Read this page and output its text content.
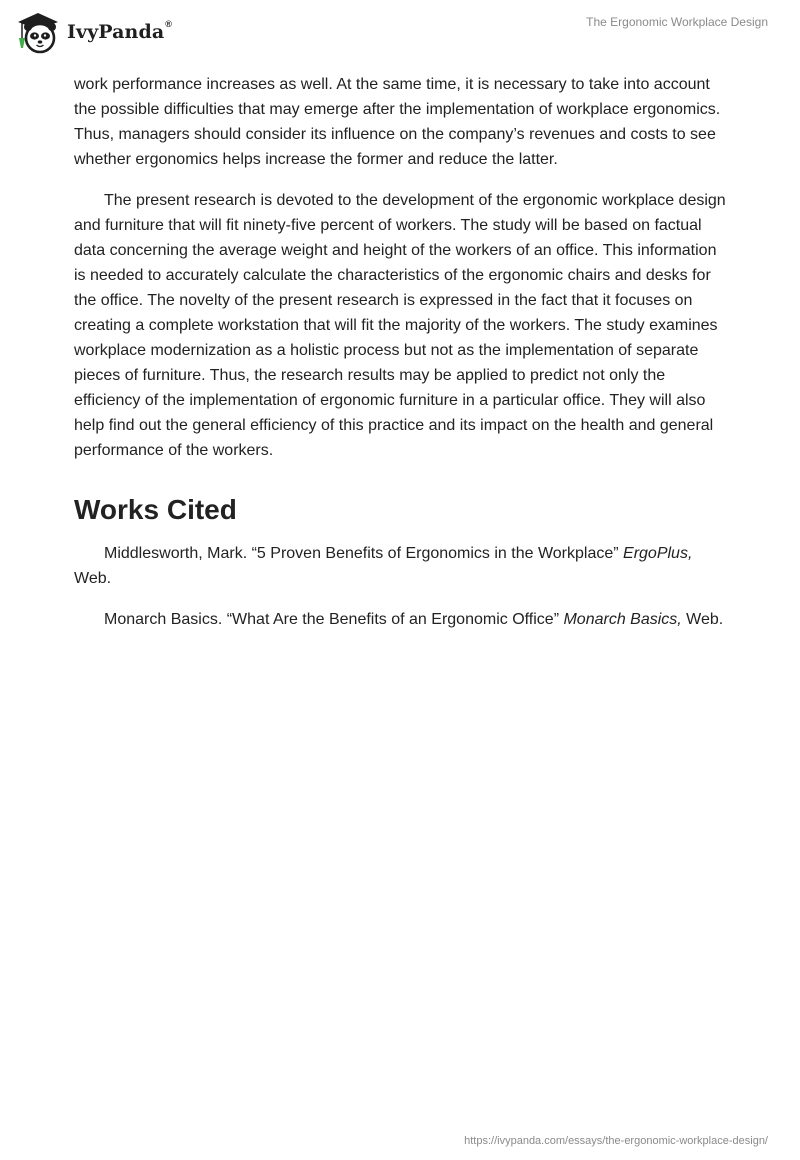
IvyPanda®	The Ergonomic Workplace Design

work performance increases as well. At the same time, it is necessary to take into account the possible difficulties that may emerge after the implementation of workplace ergonomics. Thus, managers should consider its influence on the company’s revenues and costs to see whether ergonomics helps increase the former and reduce the latter.

The present research is devoted to the development of the ergonomic workplace design and furniture that will fit ninety-five percent of workers. The study will be based on factual data concerning the average weight and height of the workers of an office. This information is needed to accurately calculate the characteristics of the ergonomic chairs and desks for the office. The novelty of the present research is expressed in the fact that it focuses on creating a complete workstation that will fit the majority of the workers. The study examines workplace modernization as a holistic process but not as the implementation of separate pieces of furniture. Thus, the research results may be applied to predict not only the efficiency of the implementation of ergonomic furniture in a particular office. They will also help find out the general efficiency of this practice and its impact on the health and general performance of the workers.

Works Cited

Middlesworth, Mark. “5 Proven Benefits of Ergonomics in the Workplace” ErgoPlus, Web.

Monarch Basics. “What Are the Benefits of an Ergonomic Office” Monarch Basics, Web.

https://ivypanda.com/essays/the-ergonomic-workplace-design/
